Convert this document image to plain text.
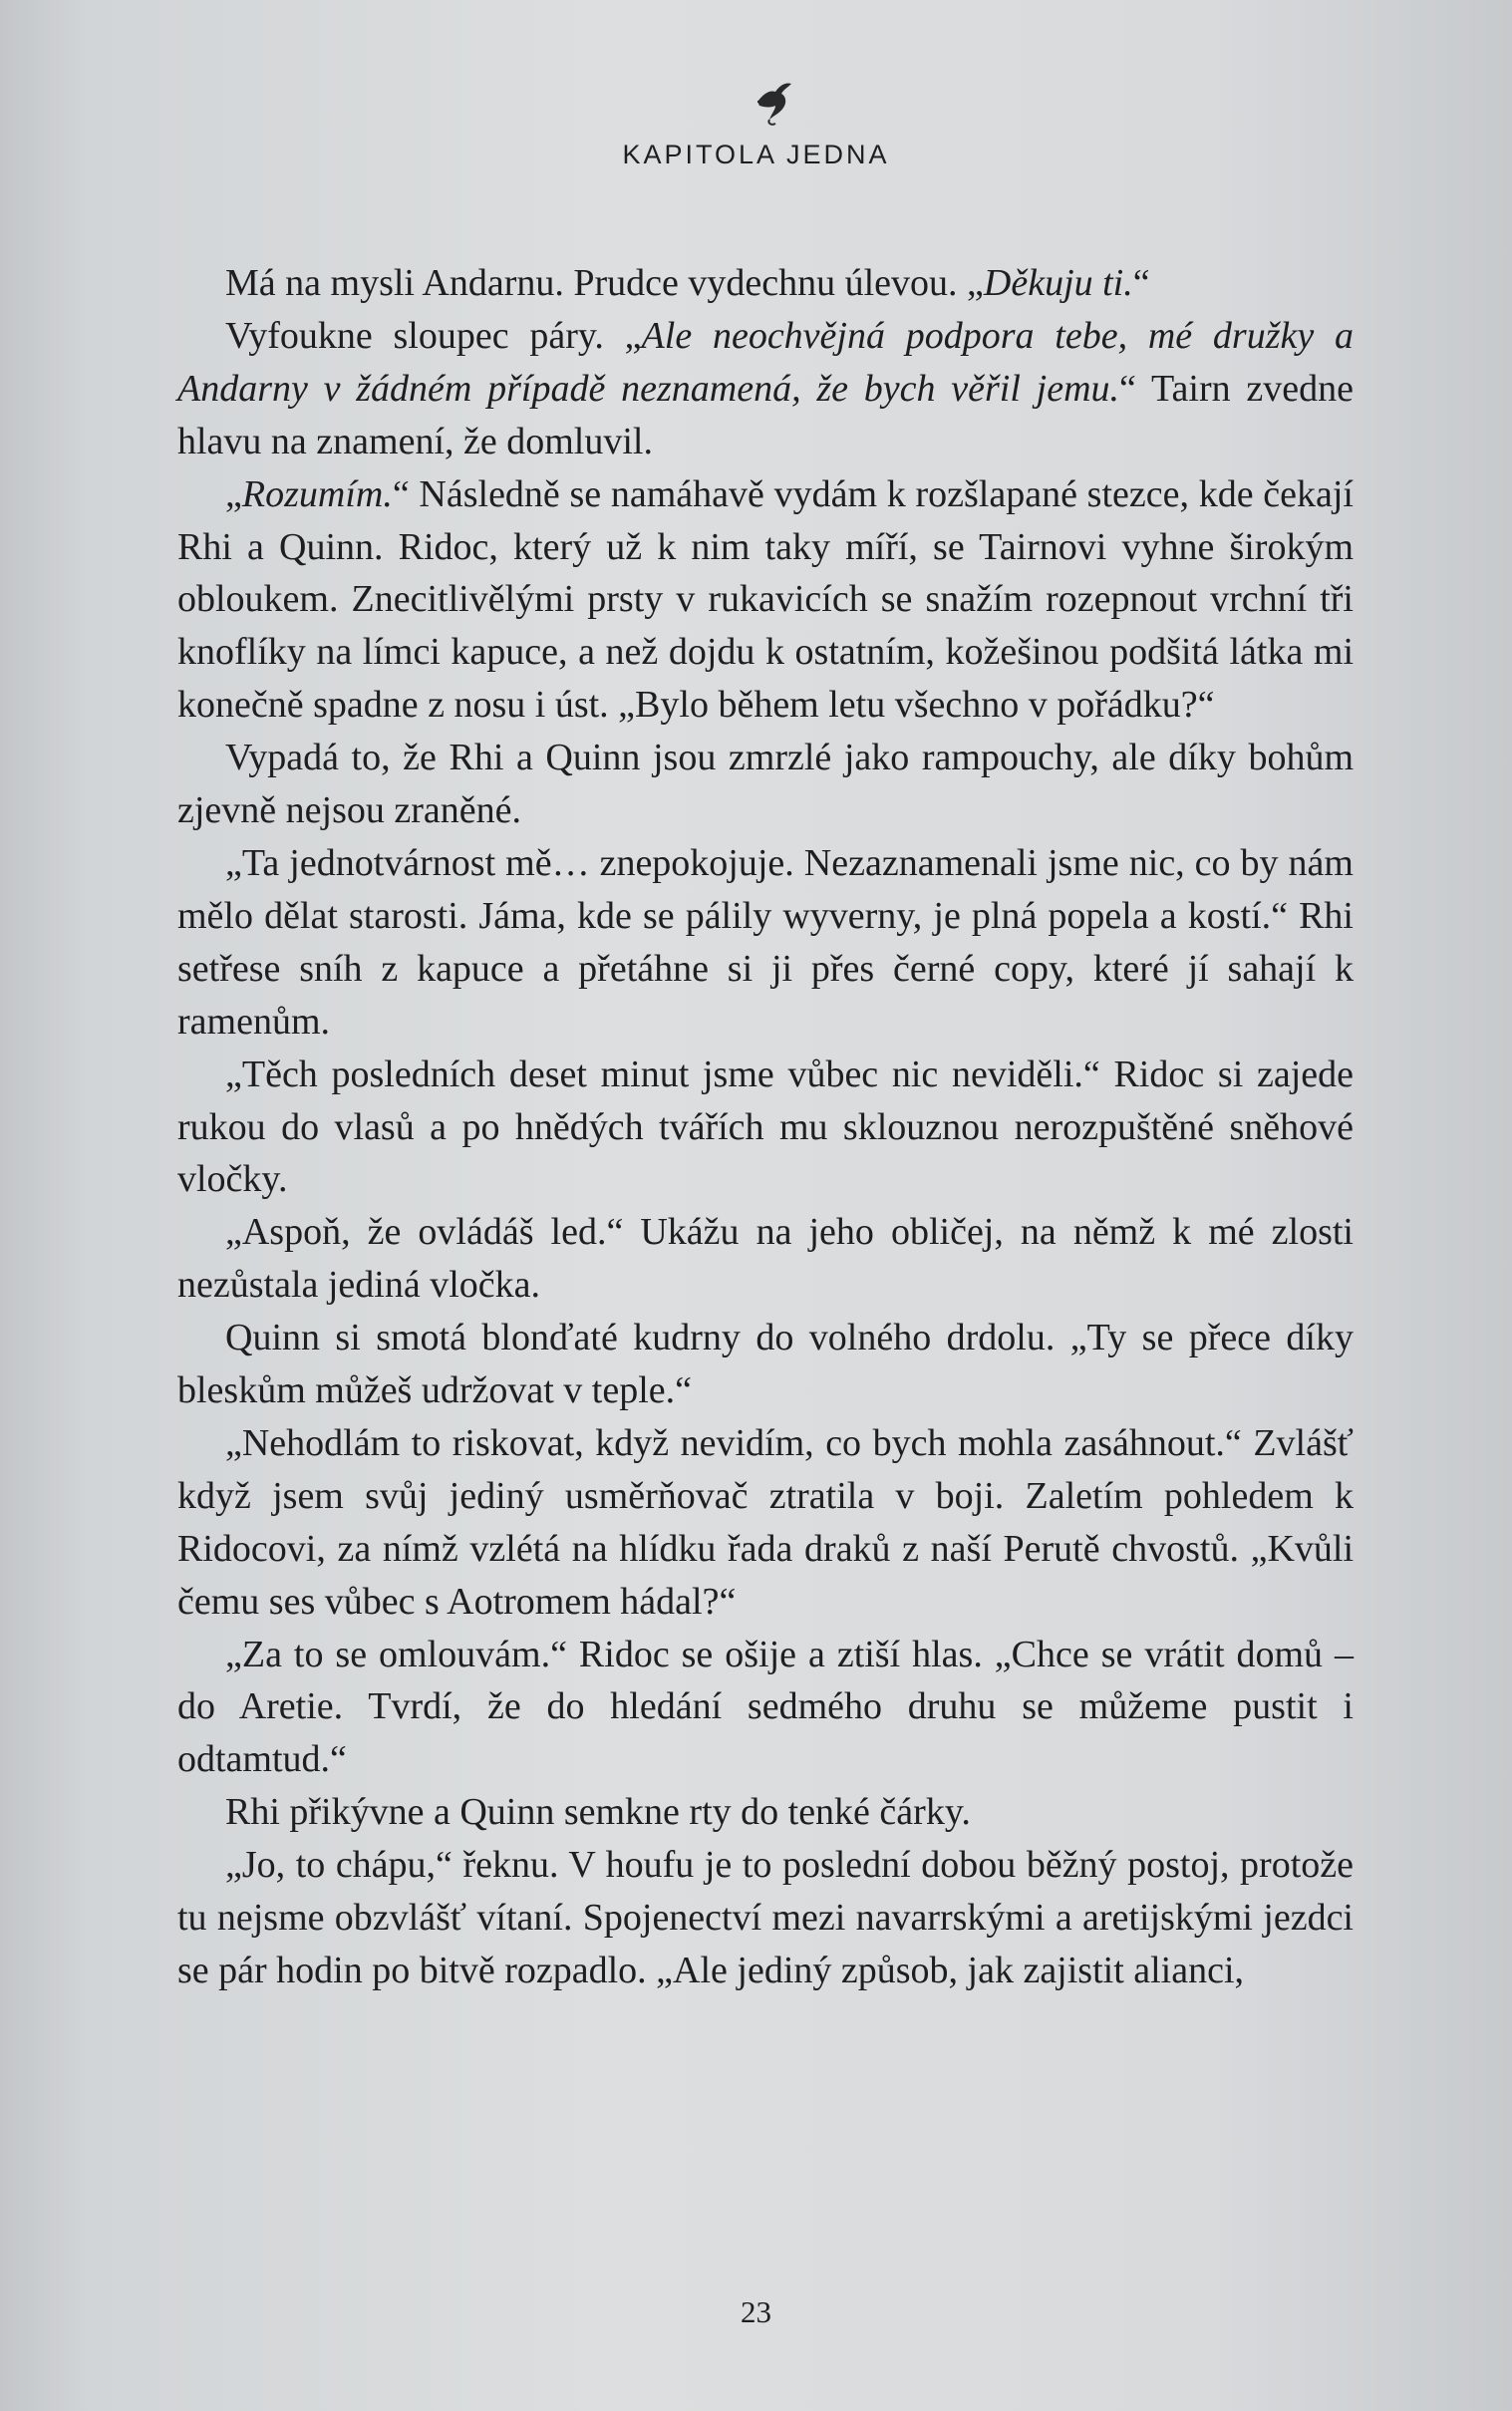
KAPITOLA JEDNA

Má na mysli Andarnu. Prudce vydechnu úlevou. „Děkuju ti.“

Vyfoukne sloupec páry. „Ale neochvějná podpora tebe, mé družky a Andarny v žádném případě neznamená, že bych věřil jemu.“ Tairn zvedne hlavu na znamení, že domluvil.

„Rozumím.“ Následně se namáhavě vydám k rozšlapané stezce, kde čekají Rhi a Quinn. Ridoc, který už k nim taky míří, se Tairnovi vyhne širokým obloukem. Znecitlivělými prsty v rukavicích se snažím rozepnout vrchní tři knoflíky na límci kapuce, a než dojdu k ostatním, kožešinou podšitá látka mi konečně spadne z nosu i úst. „Bylo během letu všechno v pořádku?“

Vypadá to, že Rhi a Quinn jsou zmrzlé jako rampouchy, ale díky bohům zjevně nejsou zraněné.

„Ta jednotvárnost mě… znepokojuje. Nezaznamenali jsme nic, co by nám mělo dělat starosti. Jáma, kde se pálily wyverny, je plná popela a kostí.“ Rhi setřese sníh z kapuce a přetáhne si ji přes černé copy, které jí sahají k ramenům.

„Těch posledních deset minut jsme vůbec nic neviděli.“ Ridoc si zajede rukou do vlasů a po hnědých tvářích mu sklouznou nerozpuštěné sněhové vločky.

„Aspoň, že ovládáš led.“ Ukážu na jeho obličej, na němž k mé zlosti nezůstala jediná vločka.

Quinn si smotá blonďaté kudrny do volného drdolu. „Ty se přece díky bleskům můžeš udržovat v teple.“

„Nehodlám to riskovat, když nevidím, co bych mohla zasáhnout.“ Zvlášť když jsem svůj jediný usměrňovač ztratila v boji. Zaletím pohledem k Ridocovi, za nímž vzlétá na hlídku řada draků z naší Perutě chvostů. „Kvůli čemu ses vůbec s Aotromem hádal?“

„Za to se omlouvám.“ Ridoc se ošije a ztiší hlas. „Chce se vrátit domů – do Aretie. Tvrdí, že do hledání sedmého druhu se můžeme pustit i odtamtud.“

Rhi přikývne a Quinn semkne rty do tenké čárky.

„Jo, to chápu,“ řeknu. V houfu je to poslední dobou běžný postoj, protože tu nejsme obzvlášť vítaní. Spojenectví mezi navarrskými a aretijskými jezdci se pár hodin po bitvě rozpadlo. „Ale jediný způsob, jak zajistit alianci,

23
